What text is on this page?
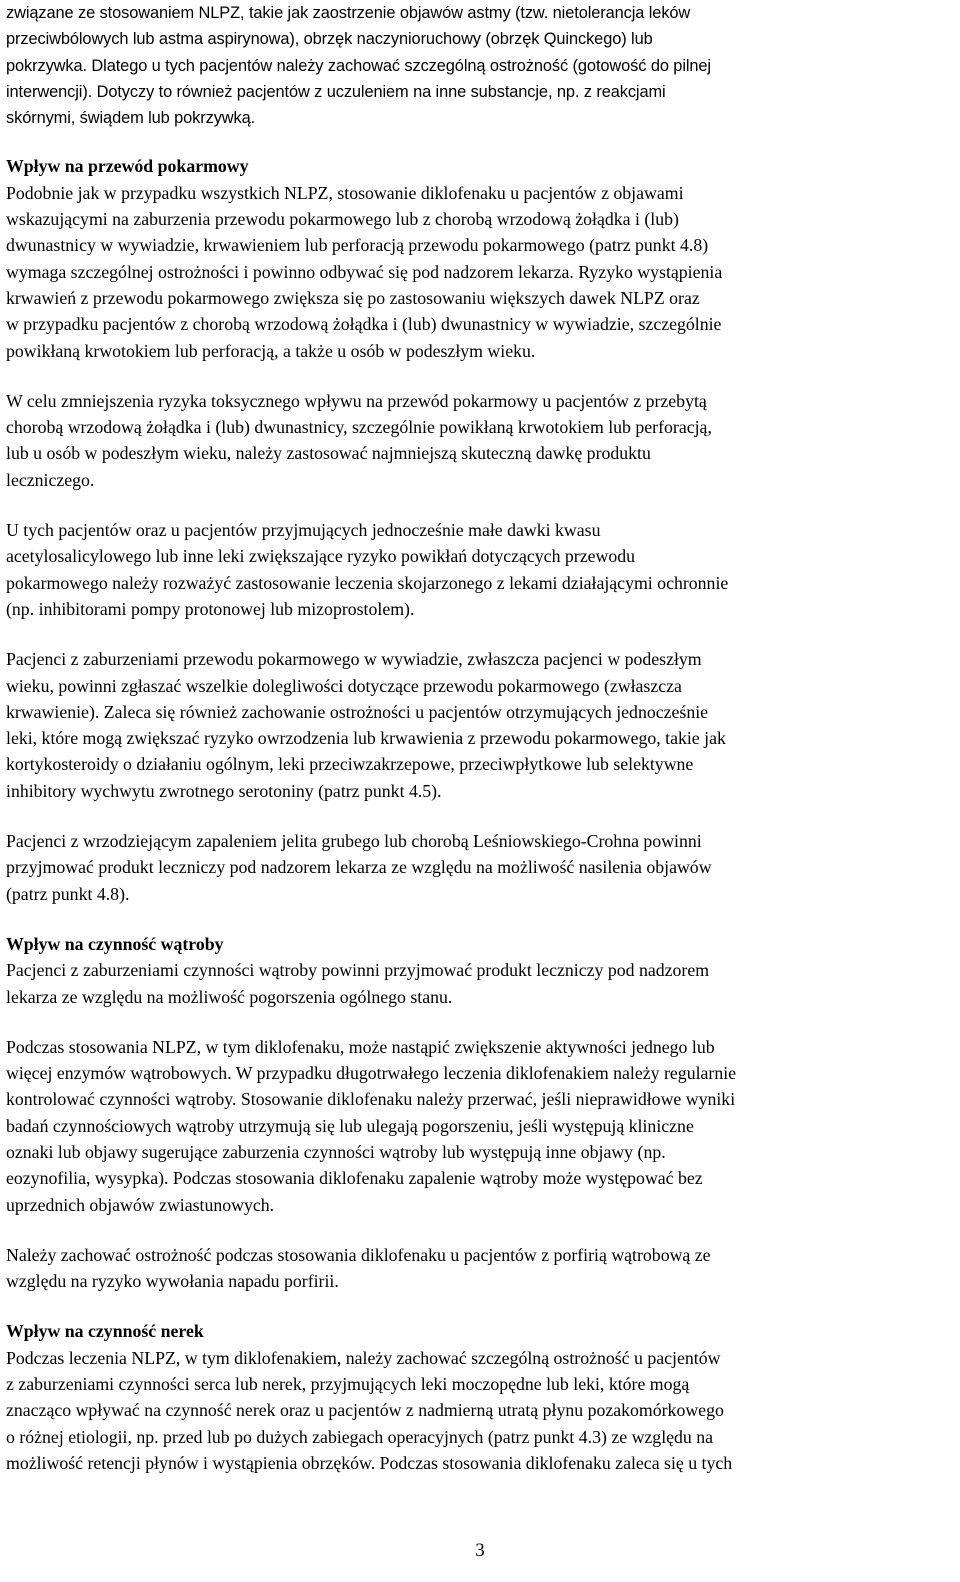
związane ze stosowaniem NLPZ, takie jak zaostrzenie objawów astmy (tzw. nietolerancja leków
przeciwbólowych lub astma aspirynowa), obrzęk naczynioruchowy (obrzęk Quinckego) lub
pokrzywka. Dlatego u tych pacjentów należy zachować szczególną ostrożność (gotowość do pilnej
interwencji). Dotyczy to również pacjentów z uczuleniem na inne substancje, np. z reakcjami
skórnymi, świądem lub pokrzywką.
Wpływ na przewód pokarmowy
Podobnie jak w przypadku wszystkich NLPZ, stosowanie diklofenaku u pacjentów z objawami
wskazującymi na zaburzenia przewodu pokarmowego lub z chorobą wrzodową żołądka i (lub)
dwunastnicy w wywiadzie, krwawieniem lub perforacją przewodu pokarmowego (patrz punkt 4.8)
wymaga szczególnej ostrożności i powinno odbywać się pod nadzorem lekarza. Ryzyko wystąpienia
krwawień z przewodu pokarmowego zwiększa się po zastosowaniu większych dawek NLPZ oraz
w przypadku pacjentów z chorobą wrzodową żołądka i (lub) dwunastnicy w wywiadzie, szczególnie
powikłaną krwotokiem lub perforacją, a także u osób w podeszłym wieku.
W celu zmniejszenia ryzyka toksycznego wpływu na przewód pokarmowy u pacjentów z przebytą
chorobą wrzodową żołądka i (lub) dwunastnicy, szczególnie powikłaną krwotokiem lub perforacją,
lub u osób w podeszłym wieku, należy zastosować najmniejszą skuteczną dawkę produktu
leczniczego.
U tych pacjentów oraz u pacjentów przyjmujących jednocześnie małe dawki kwasu
acetylosalicylowego lub inne leki zwiększające ryzyko powikłań dotyczących przewodu
pokarmowego należy rozważyć zastosowanie leczenia skojarzonego z lekami działającymi ochronnie
(np. inhibitorami pompy protonowej lub mizoprostolem).
Pacjenci z zaburzeniami przewodu pokarmowego w wywiadzie, zwłaszcza pacjenci w podeszłym
wieku, powinni zgłaszać wszelkie dolegliwości dotyczące przewodu pokarmowego (zwłaszcza
krwawienie). Zaleca się również zachowanie ostrożności u pacjentów otrzymujących jednocześnie
leki, które mogą zwiększać ryzyko owrzodzenia lub krwawienia z przewodu pokarmowego, takie jak
kortykosteroidy o działaniu ogólnym, leki przeciwzakrzepowe, przeciwpłytkowe lub selektywne
inhibitory wychwytu zwrotnego serotoniny (patrz punkt 4.5).
Pacjenci z wrzodziejącym zapaleniem jelita grubego lub chorobą Leśniowskiego-Crohna powinni
przyjmować produkt leczniczy pod nadzorem lekarza ze względu na możliwość nasilenia objawów
(patrz punkt 4.8).
Wpływ na czynność wątroby
Pacjenci z zaburzeniami czynności wątroby powinni przyjmować produkt leczniczy pod nadzorem
lekarza ze względu na możliwość pogorszenia ogólnego stanu.
Podczas stosowania NLPZ, w tym diklofenaku, może nastąpić zwiększenie aktywności jednego lub
więcej enzymów wątrobowych. W przypadku długotrwałego leczenia diklofenakiem należy regularnie
kontrolować czynności wątroby. Stosowanie diklofenaku należy przerwać, jeśli nieprawidłowe wyniki
badań czynnościowych wątroby utrzymują się lub ulegają pogorszeniu, jeśli występują kliniczne
oznaki lub objawy sugerujące zaburzenia czynności wątroby lub występują inne objawy (np.
eozynofilia, wysypka). Podczas stosowania diklofenaku zapalenie wątroby może występować bez
uprzednich objawów zwiastunowych.
Należy zachować ostrożność podczas stosowania diklofenaku u pacjentów z porfirią wątrobową ze
względu na ryzyko wywołania napadu porfirii.
Wpływ na czynność nerek
Podczas leczenia NLPZ, w tym diklofenakiem, należy zachować szczególną ostrożność u pacjentów
z zaburzeniami czynności serca lub nerek, przyjmujących leki moczopędne lub leki, które mogą
znacząco wpływać na czynność nerek oraz u pacjentów z nadmierną utratą płynu pozakomórkowego
o różnej etiologii, np. przed lub po dużych zabiegach operacyjnych (patrz punkt 4.3) ze względu na
możliwość retencji płynów i wystąpienia obrzęków. Podczas stosowania diklofenaku zaleca się u tych
3
